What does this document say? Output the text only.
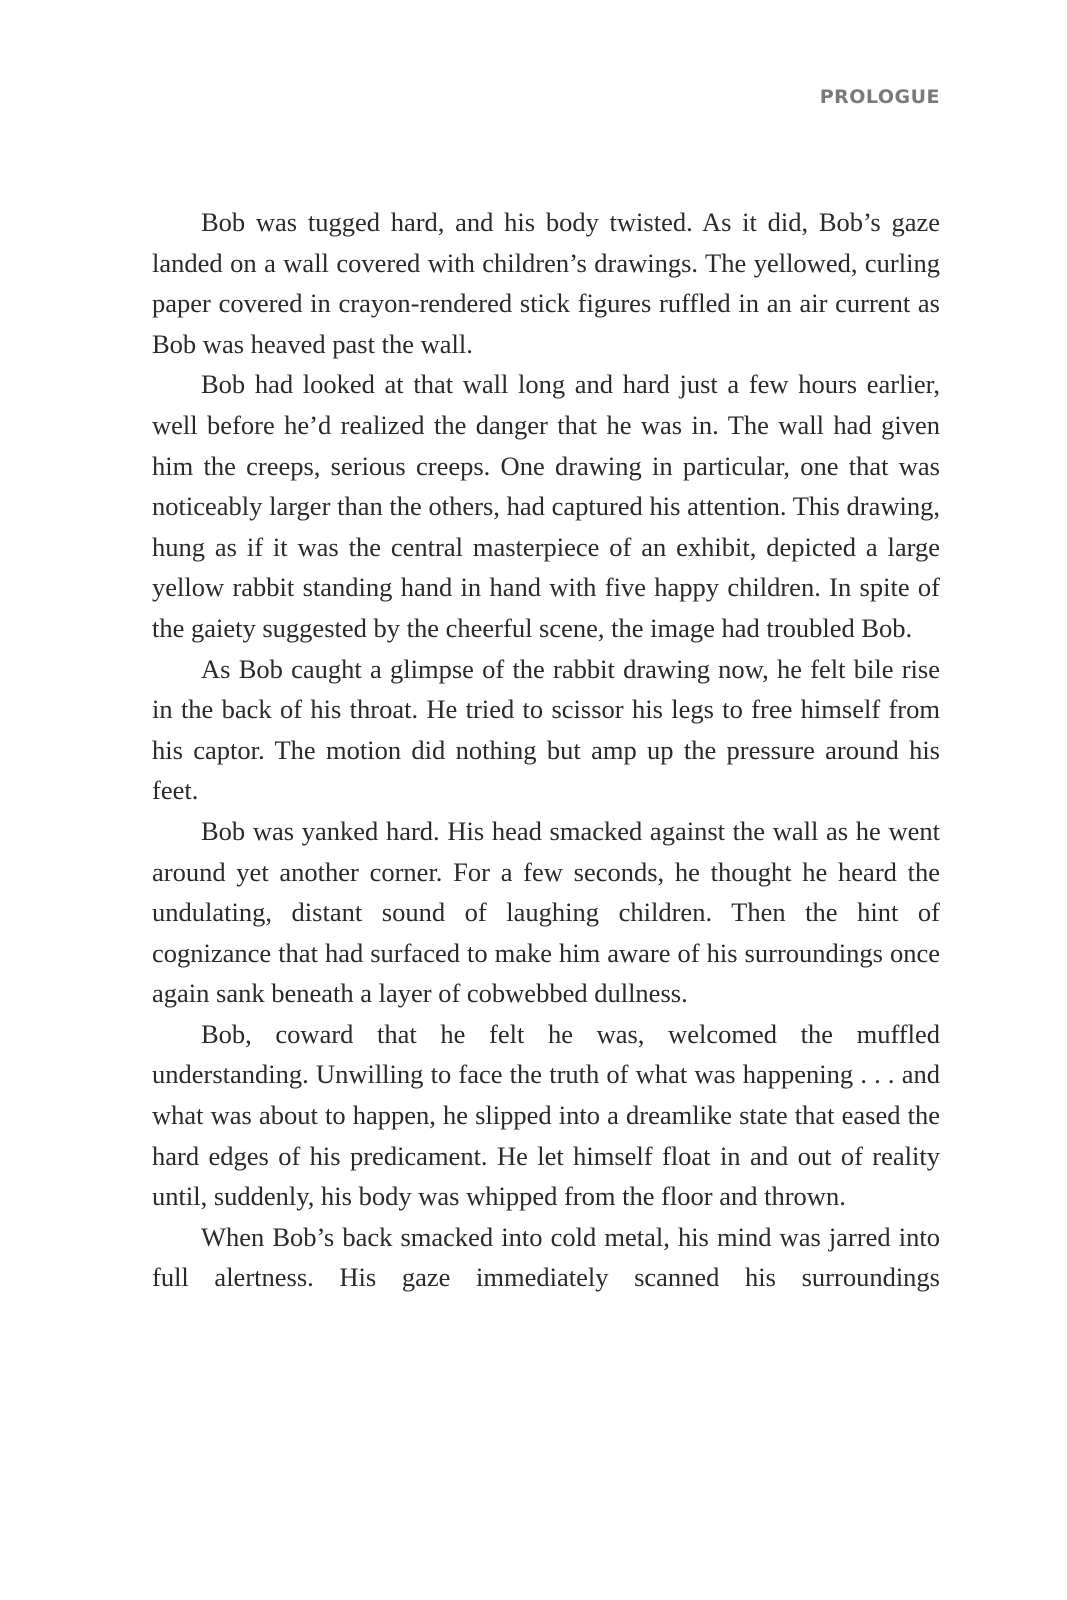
PROLOGUE

Bob was tugged hard, and his body twisted. As it did, Bob’s gaze landed on a wall covered with children’s drawings. The yellowed, curling paper covered in crayon-rendered stick figures ruffled in an air current as Bob was heaved past the wall.

Bob had looked at that wall long and hard just a few hours earlier, well before he’d realized the danger that he was in. The wall had given him the creeps, serious creeps. One drawing in particular, one that was noticeably larger than the others, had captured his attention. This drawing, hung as if it was the central masterpiece of an exhibit, depicted a large yellow rabbit standing hand in hand with five happy children. In spite of the gaiety suggested by the cheerful scene, the image had troubled Bob.

As Bob caught a glimpse of the rabbit drawing now, he felt bile rise in the back of his throat. He tried to scissor his legs to free himself from his captor. The motion did nothing but amp up the pressure around his feet.

Bob was yanked hard. His head smacked against the wall as he went around yet another corner. For a few seconds, he thought he heard the undulating, distant sound of laughing children. Then the hint of cognizance that had surfaced to make him aware of his surroundings once again sank beneath a layer of cobwebbed dullness.

Bob, coward that he felt he was, welcomed the muffled understanding. Unwilling to face the truth of what was happening . . . and what was about to happen, he slipped into a dreamlike state that eased the hard edges of his predicament. He let himself float in and out of reality until, suddenly, his body was whipped from the floor and thrown.

When Bob’s back smacked into cold metal, his mind was jarred into full alertness. His gaze immediately scanned his surroundings
